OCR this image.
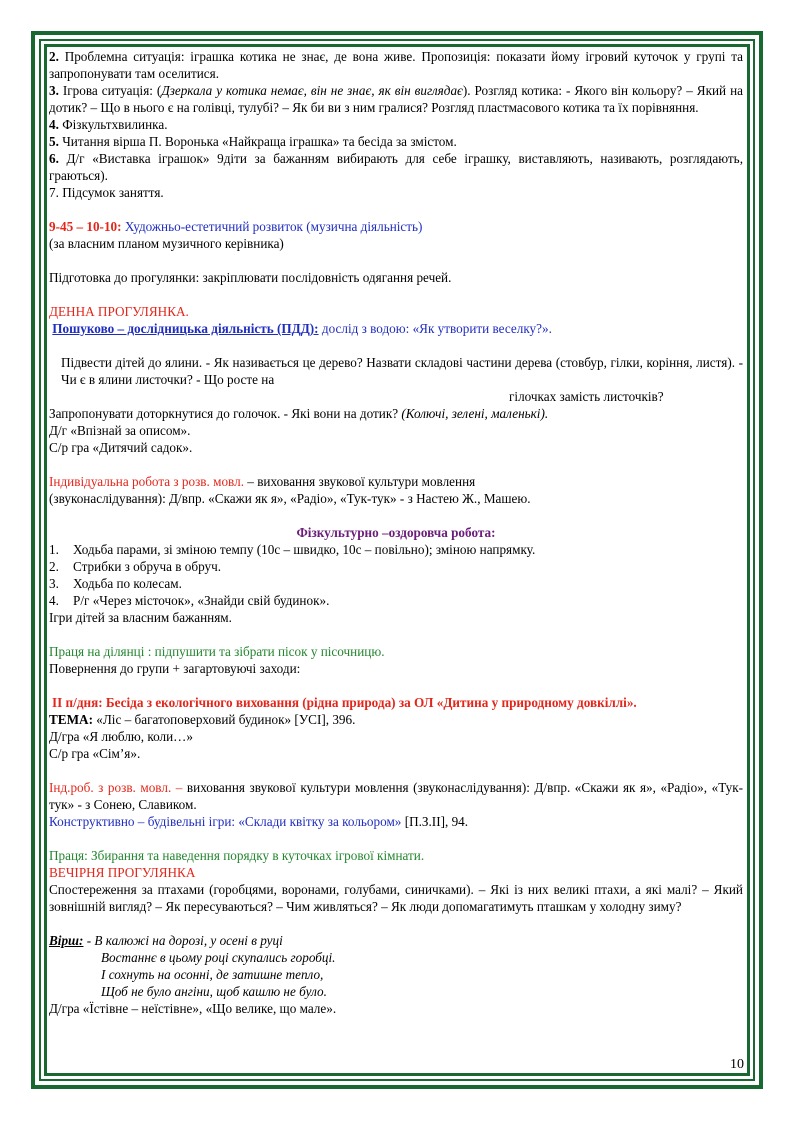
2. Проблемна ситуація: іграшка котика не знає, де вона живе. Пропозиція: показати йому ігровий куточок у групі та запропонувати там оселитися.

3. Ігрова ситуація: (Дзеркала у котика немає, він не знає, як він виглядає). Розгляд котика: - Якого він кольору? – Який на дотик? – Що в нього є на голівці, тулубі? – Як би ви з ним гралися? Розгляд пластмасового котика та їх порівняння.

4. Фізкультхвилинка.

5. Читання вірша П. Воронька «Найкраща іграшка» та бесіда за змістом.

6. Д/г «Виставка іграшок» 9діти за бажанням вибирають для себе іграшку, виставляють, називають, розглядають, граються).

7. Підсумок заняття.

9-45 – 10-10: Художньо-естетичний розвиток (музична діяльність)

(за власним планом музичного керівника)

Підготовка до прогулянки: закріплювати послідовність одягання речей.

ДЕННА ПРОГУЛЯНКА.

Пошуково – дослідницька діяльність (ПДД): дослід з водою: «Як утворити веселку?».

Підвести дітей до ялини. - Як називається це дерево? Назвати складові частини дерева (стовбур, гілки, коріння, листя). - Чи є в ялини листочки? - Що росте на

гілочках замість листочків? Запропонувати доторкнутися до голочок. - Які вони на дотик? (Колючі, зелені, маленькі).

Д/г «Впізнай за описом».

С/р гра «Дитячий садок».

Індивідуальна робота з розв. мовл. – виховання звукової культури мовлення

(звуконаслідування): Д/впр. «Скажи як я», «Радіо», «Тук-тук» - з Настею Ж., Машею.

Фізкультурно –оздоровча робота:

1.	Ходьба парами, зі зміною темпу (10с – швидко, 10с – повільно); зміною напрямку.
2.	Стрибки з обруча в обруч.
3.	Ходьба по колесам.
4.	Р/г «Через місточок», «Знайди свій будинок».

Ігри дітей за власним бажанням.

Праця на ділянці : підпушити та зібрати пісок у пісочницю.

Повернення до групи + загартовуючі заходи:

ІІ п/дня: Бесіда з екологічного виховання (рідна природа) за ОЛ «Дитина у природному довкіллі».

ТЕМА: «Ліс – багатоповерховий будинок» [УСІ], 396.

Д/гра «Я люблю, коли…»

С/р гра «Сім’я».

Інд.роб. з розв. мовл. – виховання звукової культури мовлення (звуконаслідування): Д/впр. «Скажи як я», «Радіо», «Тук-тук» - з Сонею, Славиком.

Конструктивно – будівельні ігри: «Склади квітку за кольором» [П.З.ІІ], 94.

Праця: Збирання та наведення порядку в куточках ігрової кімнати.

ВЕЧІРНЯ ПРОГУЛЯНКА

Спостереження за птахами (горобцями, воронами, голубами, синичками). – Які із них великі птахи, а які малі? – Який зовнішній вигляд? – Як пересуваються? – Чим живляться? – Як люди допомагатимуть пташкам у холодну зиму?

Вірш: - В калюжі на дорозі, у осені в руці

Востаннє в цьому році скупались горобці.

І сохнуть на осонні, де затишне тепло,

Щоб не було ангіни, щоб кашлю не було.

Д/гра «Їстівне – неїстівне», «Що велике, що мале».

10
